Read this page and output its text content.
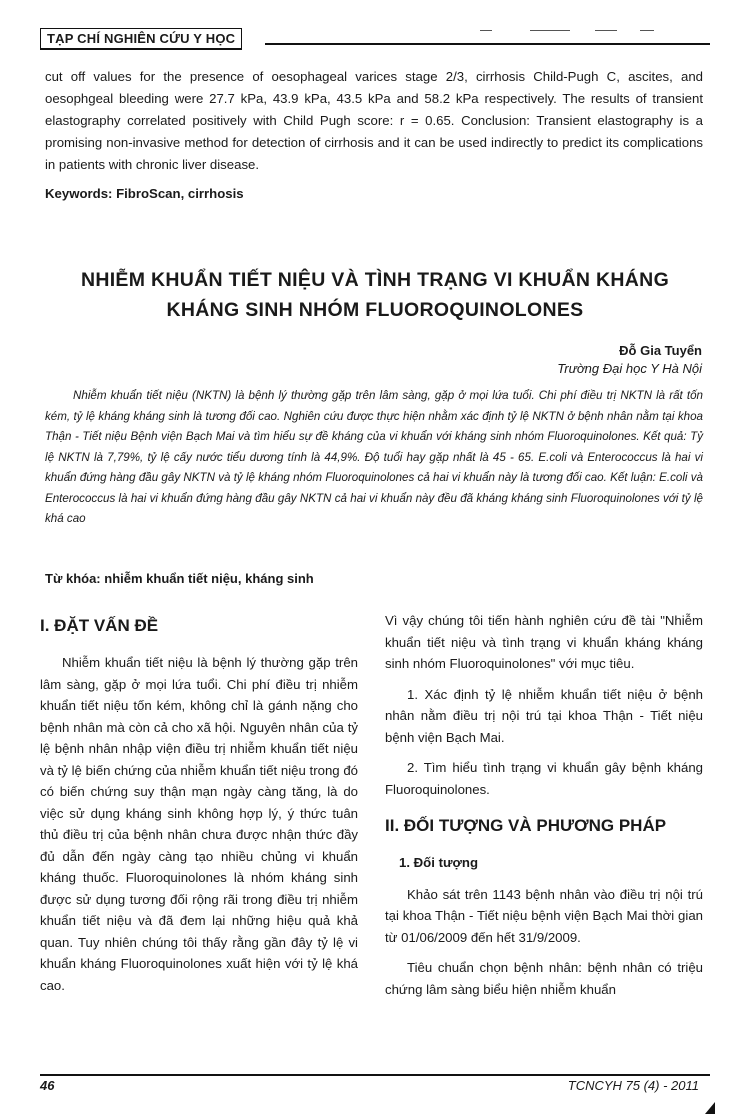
TẠP CHÍ NGHIÊN CỨU Y HỌC
cut off values for the presence of oesophageal varices stage 2/3, cirrhosis Child-Pugh C, ascites, and oesophgeal bleeding were 27.7 kPa, 43.9 kPa, 43.5 kPa and 58.2 kPa respectively. The results of transient elastography correlated positively with Child Pugh score: r = 0.65. Conclusion: Transient elastography is a promising non-invasive method for detection of cirrhosis and it can be used indirectly to predict its complications in patients with chronic liver disease.
Keywords: FibroScan, cirrhosis
NHIỄM KHUẨN TIẾT NIỆU VÀ TÌNH TRẠNG VI KHUẨN KHÁNG
KHÁNG SINH NHÓM FLUOROQUINOLONES
Đỗ Gia Tuyển
Trường Đại học Y Hà Nội
Nhiễm khuẩn tiết niệu (NKTN) là bệnh lý thường gặp trên lâm sàng, gặp ở mọi lứa tuổi. Chi phí điều trị NKTN là rất tốn kém, tỷ lệ kháng kháng sinh là tương đối cao. Nghiên cứu được thực hiện nhằm xác định tỷ lệ NKTN ở bệnh nhân nằm tại khoa Thận - Tiết niệu Bệnh viện Bạch Mai và tìm hiểu sự đề kháng của vi khuẩn với kháng sinh nhóm Fluoroquinolones. Kết quả: Tỷ lệ NKTN là 7,79%, tỷ lệ cấy nước tiểu dương tính là 44,9%. Độ tuổi hay gặp nhất là 45 - 65. E.coli và Enterococcus là hai vi khuẩn đứng hàng đầu gây NKTN và tỷ lệ kháng nhóm Fluoroquinolones cả hai vi khuẩn này là tương đối cao. Kết luận: E.coli và Enterococcus là hai vi khuẩn đứng hàng đầu gây NKTN cả hai vi khuẩn này đều đã kháng kháng sinh Fluoroquinolones với tỷ lệ khá cao
Từ khóa: nhiễm khuẩn tiết niệu, kháng sinh
I. ĐẶT VẤN ĐỀ

Nhiễm khuẩn tiết niệu là bệnh lý thường gặp trên lâm sàng, gặp ở mọi lứa tuổi. Chi phí điều trị nhiễm khuẩn tiết niệu tốn kém, không chỉ là gánh nặng cho bệnh nhân mà còn cả cho xã hội. Nguyên nhân của tỷ lệ bệnh nhân nhập viện điều trị nhiễm khuẩn tiết niệu và tỷ lệ biến chứng của nhiễm khuẩn tiết niệu trong đó có biến chứng suy thận mạn ngày càng tăng, là do việc sử dụng kháng sinh không hợp lý, ý thức tuân thủ điều trị của bệnh nhân chưa được nhận thức đầy đủ dẫn đến ngày càng tạo nhiều chủng vi khuẩn kháng thuốc. Fluoroquinolones là nhóm kháng sinh được sử dụng tương đối rộng rãi trong điều trị nhiễm khuẩn tiết niệu và đã đem lại những hiệu quả khả quan. Tuy nhiên chúng tôi thấy rằng gần đây tỷ lệ vi khuẩn kháng Fluoroquinolones xuất hiện với tỷ lệ khá cao.

Vì vậy chúng tôi tiến hành nghiên cứu đề tài "Nhiễm khuẩn tiết niệu và tình trạng vi khuẩn kháng kháng sinh nhóm Fluoroquinolones" với mục tiêu.

1. Xác định tỷ lệ nhiễm khuẩn tiết niệu ở bệnh nhân nằm điều trị nội trú tại khoa Thận - Tiết niệu bệnh viện Bạch Mai.

2. Tìm hiểu tình trạng vi khuẩn gây bệnh kháng Fluoroquinolones.

II. ĐỐI TƯỢNG VÀ PHƯƠNG PHÁP
1. Đối tượng

Khảo sát trên 1143 bệnh nhân vào điều trị nội trú tại khoa Thận - Tiết niệu bệnh viện Bạch Mai thời gian từ 01/06/2009 đến hết 31/9/2009.

Tiêu chuẩn chọn bệnh nhân: bệnh nhân có triệu chứng lâm sàng biểu hiện nhiễm khuẩn

46	TCNCYH 75 (4) - 2011
